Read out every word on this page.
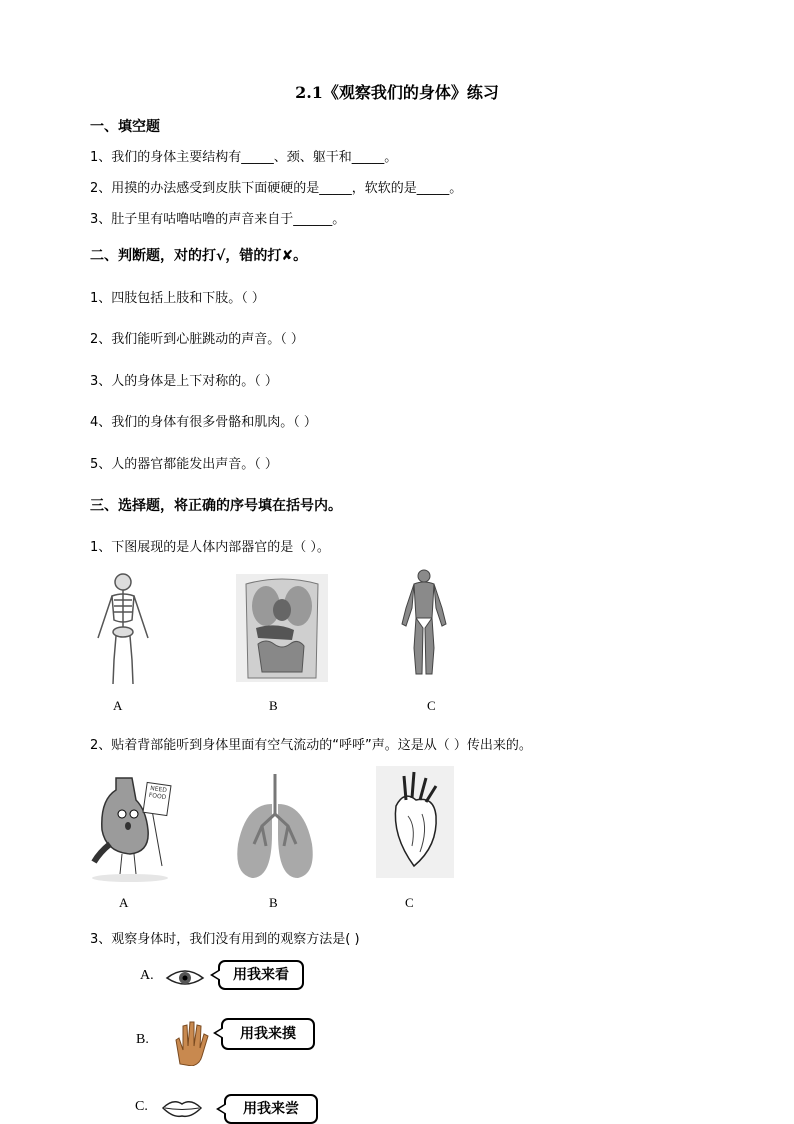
2.1《观察我们的身体》练习
一、填空题
1、我们的身体主要结构有_____、颈、躯干和_____。
2、用摸的办法感受到皮肤下面硬硬的是_____，软软的是_____。
3、肚子里有咕噜咕噜的声音来自于______。
二、判断题，对的打√，错的打✘。
1、四肢包括上肢和下肢。（ ）
2、我们能听到心脏跳动的声音。（ ）
3、人的身体是上下对称的。（ ）
4、我们的身体有很多骨骼和肌肉。（ ）
5、人的器官都能发出声音。（ ）
三、选择题，将正确的序号填在括号内。
1、下图展现的是人体内部器官的是（ ）。
A	B	C
2、贴着背部能听到身体里面有空气流动的“呼呼”声。这是从（ ）传出来的。
NEED FOOD
A	B	C
3、观察身体时，我们没有用到的观察方法是( )
A.	用我来看
B.	用我来摸
C.	用我来尝
